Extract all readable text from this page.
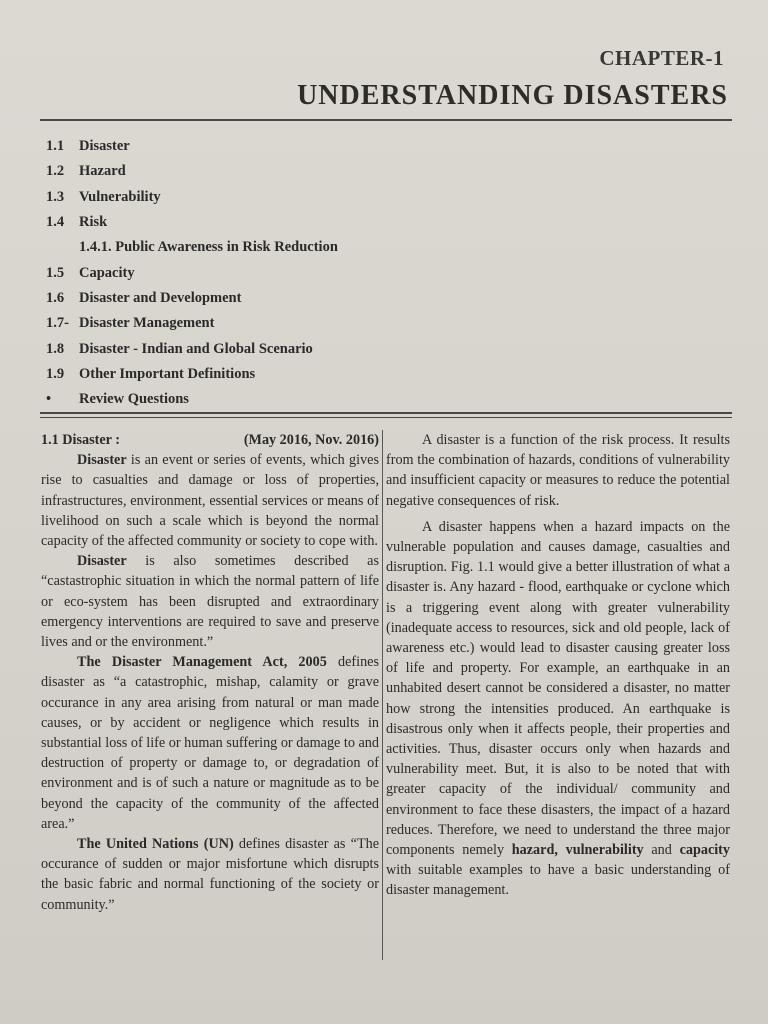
CHAPTER-1
UNDERSTANDING DISASTERS
1.1	Disaster
1.2	Hazard
1.3	Vulnerability
1.4	Risk
1.4.1. Public Awareness in Risk Reduction
1.5	Capacity
1.6	Disaster and Development
1.7- Disaster Management
1.8	Disaster - Indian and Global Scenario
1.9	Other Important Definitions
•	Review Questions
1.1 Disaster :	(May 2016, Nov. 2016)

Disaster is an event or series of events, which gives rise to casualties and damage or loss of properties, infrastructures, environment, essential services or means of livelihood on such a scale which is beyond the normal capacity of the affected community or society to cope with.

Disaster is also sometimes described as “castastrophic situation in which the normal pattern of life or eco-system has been disrupted and extraordinary emergency interventions are required to save and preserve lives and or the environment.”

The Disaster Management Act, 2005 defines disaster as “a catastrophic, mishap, calamity or grave occurance in any area arising from natural or man made causes, or by accident or negligence which results in substantial loss of life or human suffering or damage to and destruction of property or damage to, or degradation of environment and is of such a nature or magnitude as to be beyond the capacity of the community of the affected area.”

The United Nations (UN) defines disaster as “The occurance of sudden or major misfortune which disrupts the basic fabric and normal functioning of the society or community.”

A disaster is a function of the risk process. It results from the combination of hazards, conditions of vulnerability and insufficient capacity or measures to reduce the potential negative consequences of risk.

A disaster happens when a hazard impacts on the vulnerable population and causes damage, casualties and disruption. Fig. 1.1 would give a better illustration of what a disaster is. Any hazard - flood, earthquake or cyclone which is a triggering event along with greater vulnerability (inadequate access to resources, sick and old people, lack of awareness etc.) would lead to disaster causing greater loss of life and property. For example, an earthquake in an unhabited desert cannot be considered a disaster, no matter how strong the intensities produced. An earthquake is disastrous only when it affects people, their properties and activities. Thus, disaster occurs only when hazards and vulnerability meet. But, it is also to be noted that with greater capacity of the individual/ community and environment to face these disasters, the impact of a hazard reduces. Therefore, we need to understand the three major components nemely hazard, vulnerability and capacity with suitable examples to have a basic understanding of disaster management.
